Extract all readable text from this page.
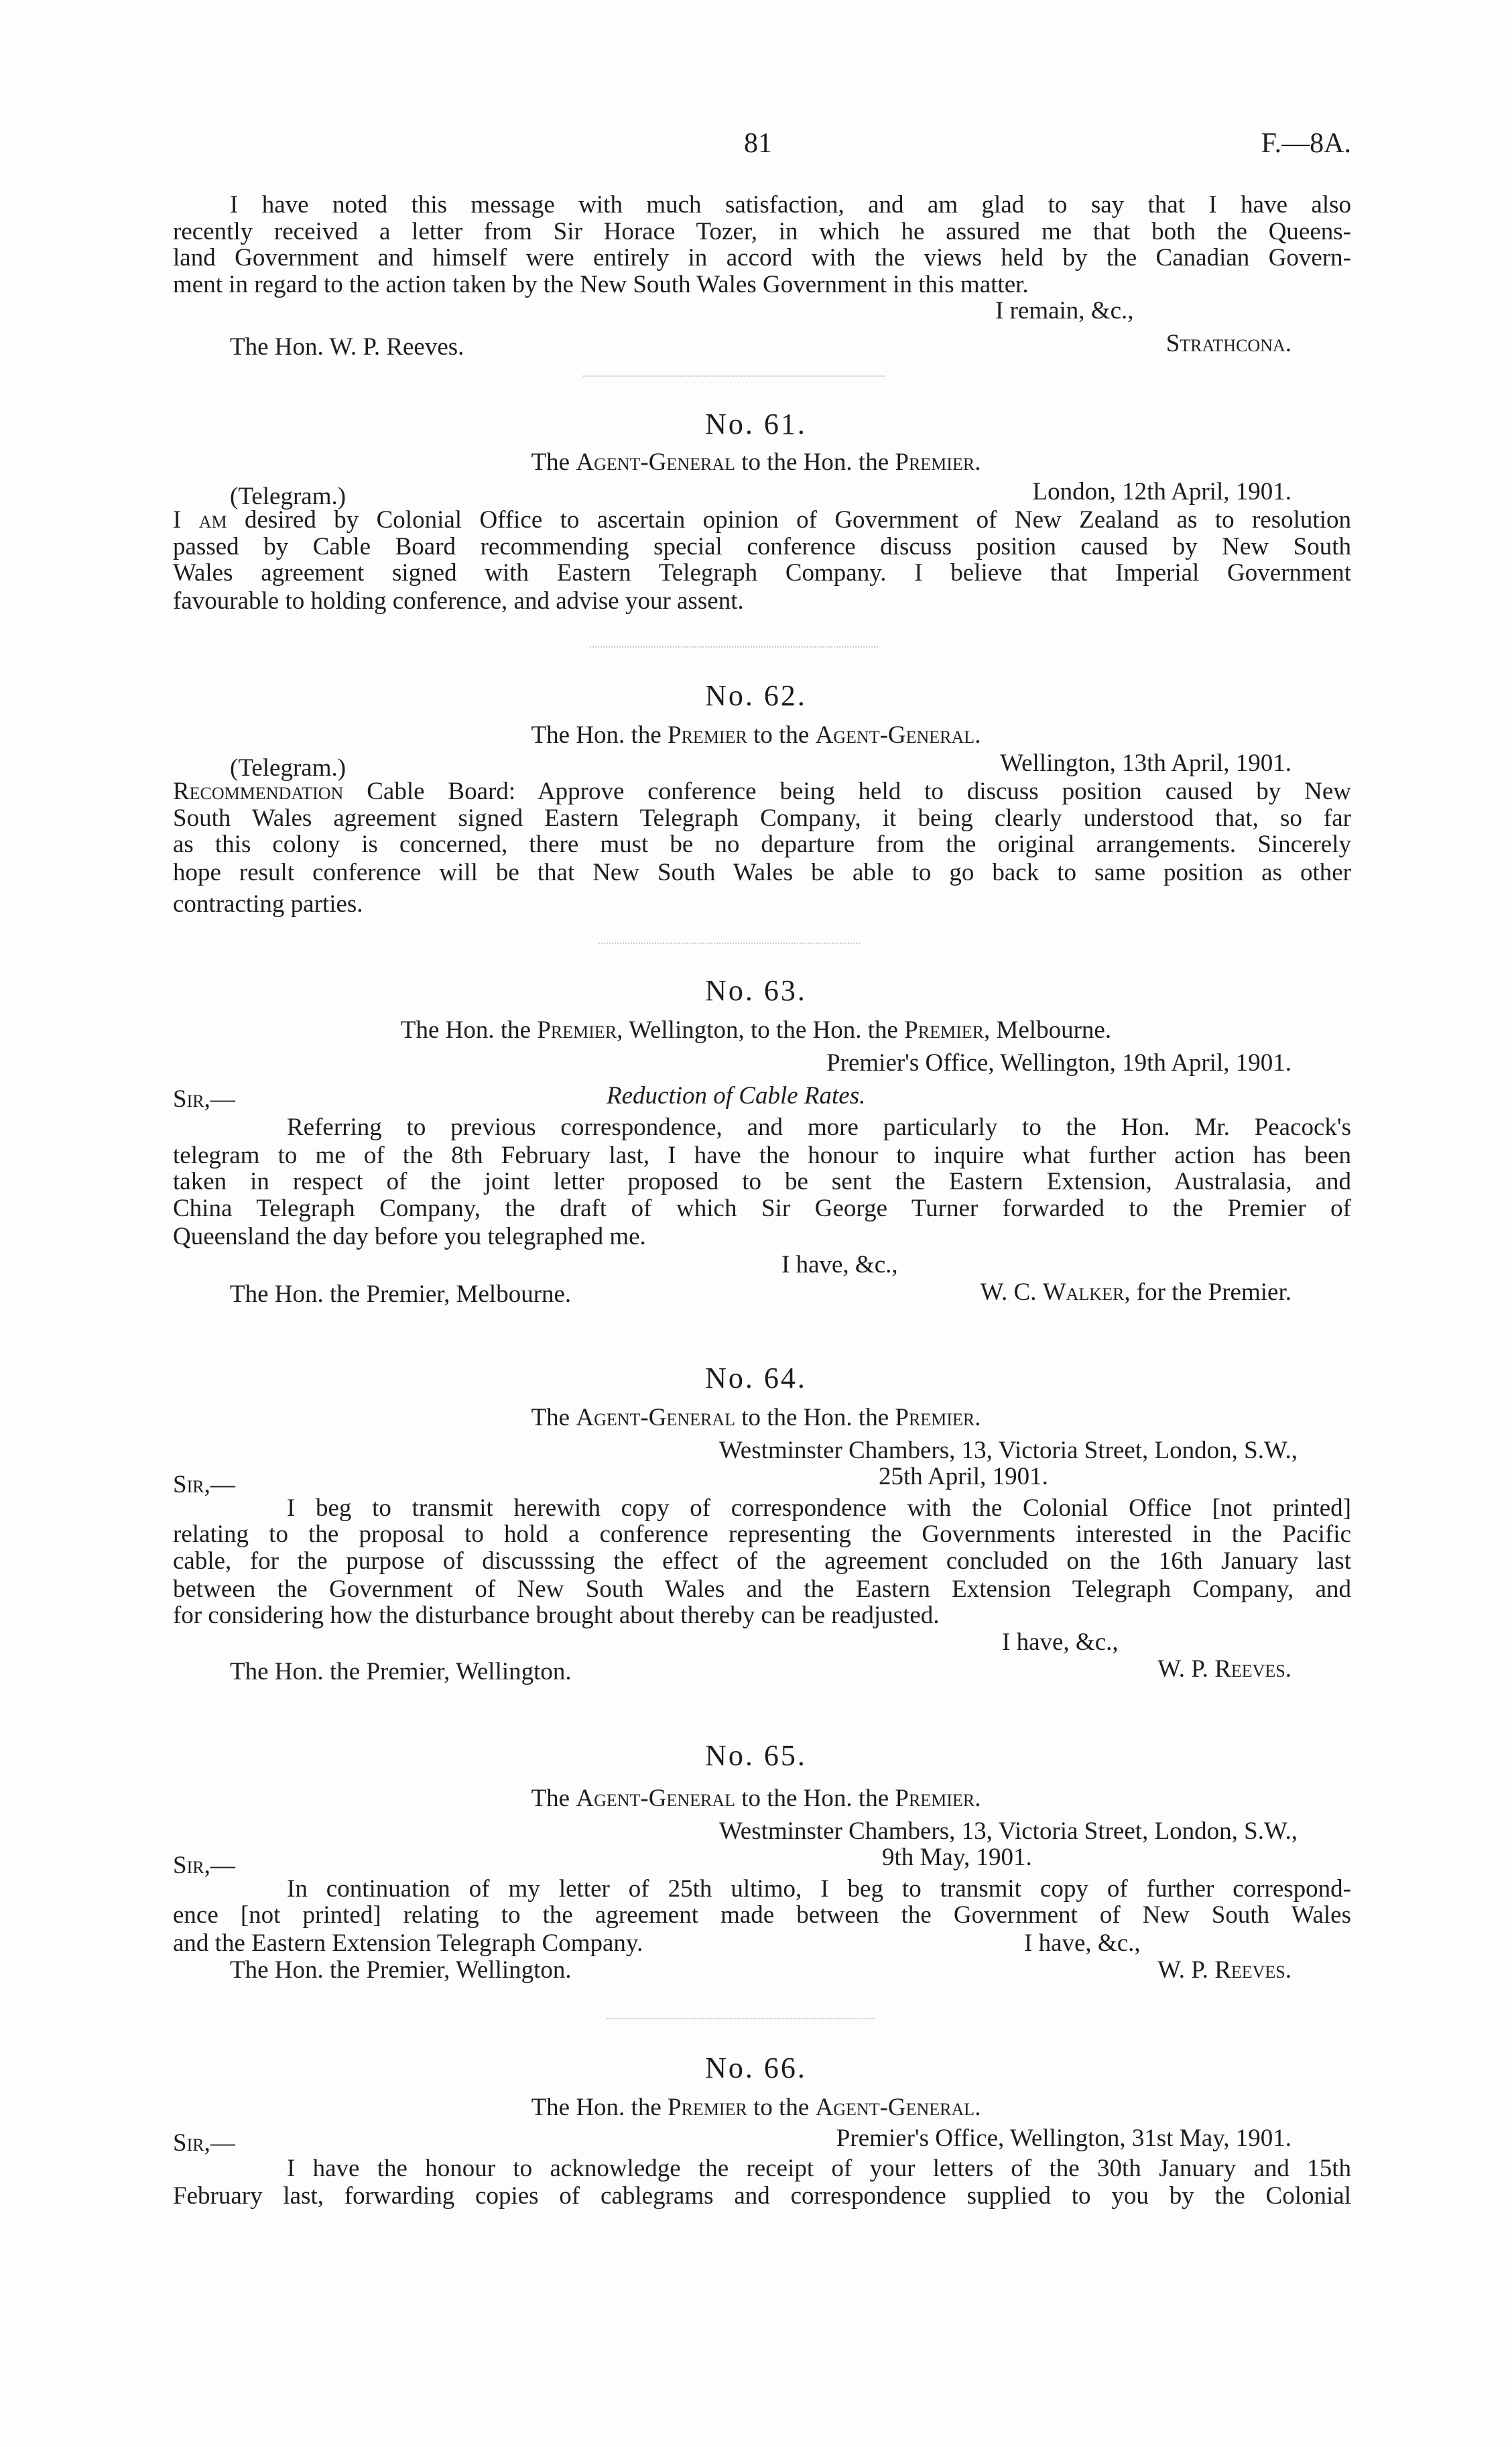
81	F.—8A.
I have noted this message with much satisfaction, and am glad to say that I have also
recently received a letter from Sir Horace Tozer, in which he assured me that both the Queens-
land Government and himself were entirely in accord with the views held by the Canadian Govern-
ment in regard to the action taken by the New South Wales Government in this matter.
I remain, &c.,
The Hon. W. P. Reeves.	Strathcona.
No. 61.
The Agent-General to the Hon. the Premier.
(Telegram.)	London, 12th April, 1901.
I am desired by Colonial Office to ascertain opinion of Government of New Zealand as to resolution
passed by Cable Board recommending special conference discuss position caused by New South
Wales agreement signed with Eastern Telegraph Company. I believe that Imperial Government
favourable to holding conference, and advise your assent.
No. 62.
The Hon. the Premier to the Agent-General.
(Telegram.)	Wellington, 13th April, 1901.
Recommendation Cable Board: Approve conference being held to discuss position caused by New
South Wales agreement signed Eastern Telegraph Company, it being clearly understood that, so far
as this colony is concerned, there must be no departure from the original arrangements. Sincerely
hope result conference will be that New South Wales be able to go back to same position as other
contracting parties.
No. 63.
The Hon. the Premier, Wellington, to the Hon. the Premier, Melbourne.
Premier's Office, Wellington, 19th April, 1901.
Sir,—	Reduction of Cable Rates.
Referring to previous correspondence, and more particularly to the Hon. Mr. Peacock's
telegram to me of the 8th February last, I have the honour to inquire what further action has been
taken in respect of the joint letter proposed to be sent the Eastern Extension, Australasia, and
China Telegraph Company, the draft of which Sir George Turner forwarded to the Premier of
Queensland the day before you telegraphed me.
I have, &c.,
The Hon. the Premier, Melbourne.	W. C. Walker, for the Premier.
No. 64.
The Agent-General to the Hon. the Premier.
Westminster Chambers, 13, Victoria Street, London, S.W.,
Sir,—	25th April, 1901.
I beg to transmit herewith copy of correspondence with the Colonial Office [not printed]
relating to the proposal to hold a conference representing the Governments interested in the Pacific
cable, for the purpose of discusssing the effect of the agreement concluded on the 16th January last
between the Government of New South Wales and the Eastern Extension Telegraph Company, and
for considering how the disturbance brought about thereby can be readjusted.
I have, &c.,
The Hon. the Premier, Wellington.	W. P. Reeves.
No. 65.
The Agent-General to the Hon. the Premier.
Westminster Chambers, 13, Victoria Street, London, S.W.,
Sir,—	9th May, 1901.
In continuation of my letter of 25th ultimo, I beg to transmit copy of further correspond-
ence [not printed] relating to the agreement made between the Government of New South Wales
and the Eastern Extension Telegraph Company.	I have, &c.,
The Hon. the Premier, Wellington.	W. P. Reeves.
No. 66.
The Hon. the Premier to the Agent-General.
Sir,—	Premier's Office, Wellington, 31st May, 1901.
I have the honour to acknowledge the receipt of your letters of the 30th January and 15th
February last, forwarding copies of cablegrams and correspondence supplied to you by the Colonial
